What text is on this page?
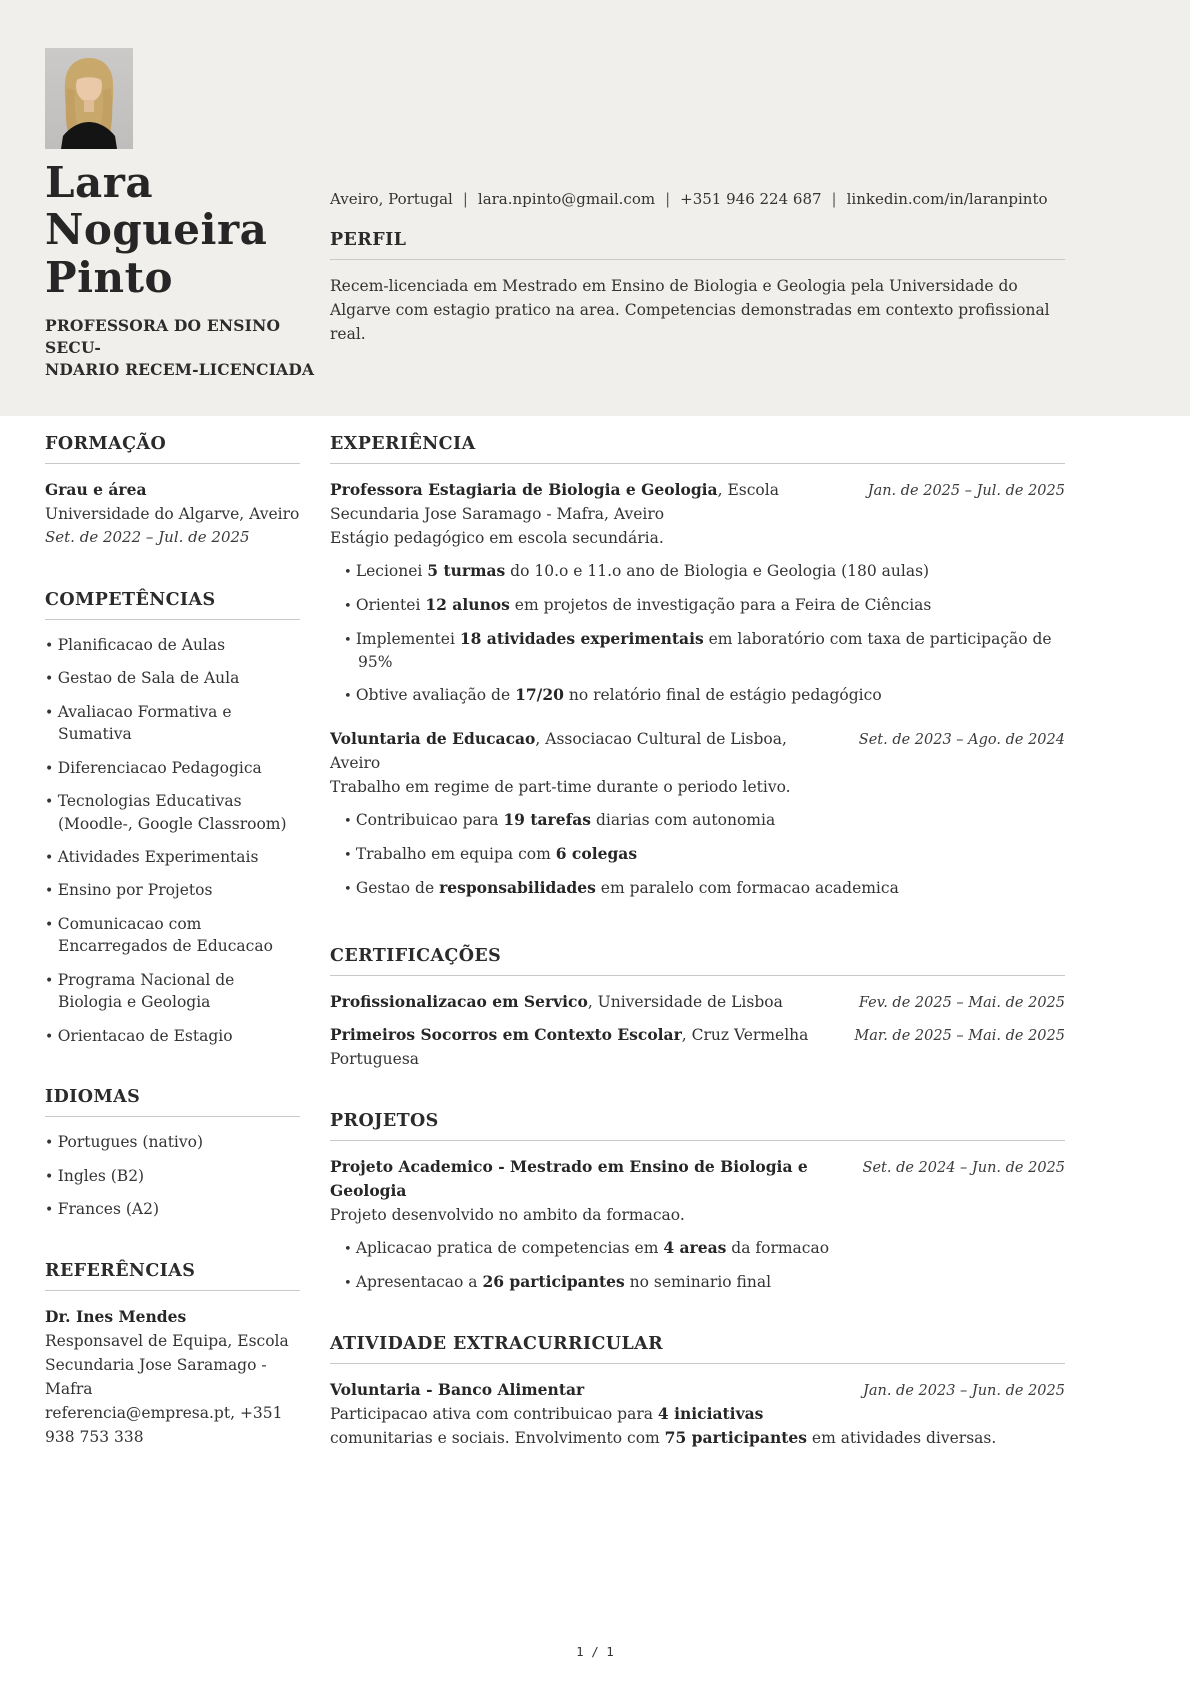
Lara
Nogueira
Pinto
PROFESSORA DO ENSINO SECU-
NDARIO RECEM-LICENCIADA
Aveiro, Portugal | lara.npinto@gmail.com | +351 946 224 687 | linkedin.com/in/laranpinto
PERFIL

Recem-licenciada em Mestrado em Ensino de Biologia e Geologia pela Universidade do Algarve com estagio pratico na area. Competencias demonstradas em contexto profissional real.

FORMAÇÃO
Grau e área
Universidade do Algarve, Aveiro
Set. de 2022 – Jul. de 2025
COMPETÊNCIAS
• Planificacao de Aulas
• Gestao de Sala de Aula
• Avaliacao Formativa e Sumativa
• Diferenciacao Pedagogica
• Tecnologias Educativas (Moodle-, Google Classroom)
• Atividades Experimentais
• Ensino por Projetos
• Comunicacao com Encarregados de Educacao
• Programa Nacional de Biologia e Geologia
• Orientacao de Estagio
IDIOMAS
• Portugues (nativo)
• Ingles (B2)
• Frances (A2)
REFERÊNCIAS
Dr. Ines Mendes
Responsavel de Equipa, Escola Secundaria Jose Saramago - Mafra
referencia@empresa.pt, +351 938 753 338
EXPERIÊNCIA
Jan. de 2025 – Jul. de 2025
Professora Estagiaria de Biologia e Geologia, Escola Secundaria Jose Saramago - Mafra, Aveiro
Estágio pedagógico em escola secundária.
• Lecionei 5 turmas do 10.o e 11.o ano de Biologia e Geologia (180 aulas)
• Orientei 12 alunos em projetos de investigação para a Feira de Ciências
• Implementei 18 atividades experimentais em laboratório com taxa de participação de 95%
• Obtive avaliação de 17/20 no relatório final de estágio pedagógico
Set. de 2023 – Ago. de 2024
Voluntaria de Educacao, Associacao Cultural de Lisboa, Aveiro
Trabalho em regime de part-time durante o periodo letivo.
• Contribuicao para 19 tarefas diarias com autonomia
• Trabalho em equipa com 6 colegas
• Gestao de responsabilidades em paralelo com formacao academica
CERTIFICAÇÕES
Profissionalizacao em Servico, Universidade de Lisboa	Fev. de 2025 – Mai. de 2025
Primeiros Socorros em Contexto Escolar, Cruz Vermelha Portuguesa
Mar. de 2025 – Mai. de 2025
PROJETOS
Set. de 2024 – Jun. de 2025
Projeto Academico - Mestrado em Ensino de Biologia e Geologia
Projeto desenvolvido no ambito da formacao.
• Aplicacao pratica de competencias em 4 areas da formacao
• Apresentacao a 26 participantes no seminario final
ATIVIDADE EXTRACURRICULAR
Jan. de 2023 – Jun. de 2025
Voluntaria - Banco Alimentar
Participacao ativa com contribuicao para 4 iniciativas comunitarias e sociais. Envolvimento com 75 participantes em atividades diversas.
1 / 1
